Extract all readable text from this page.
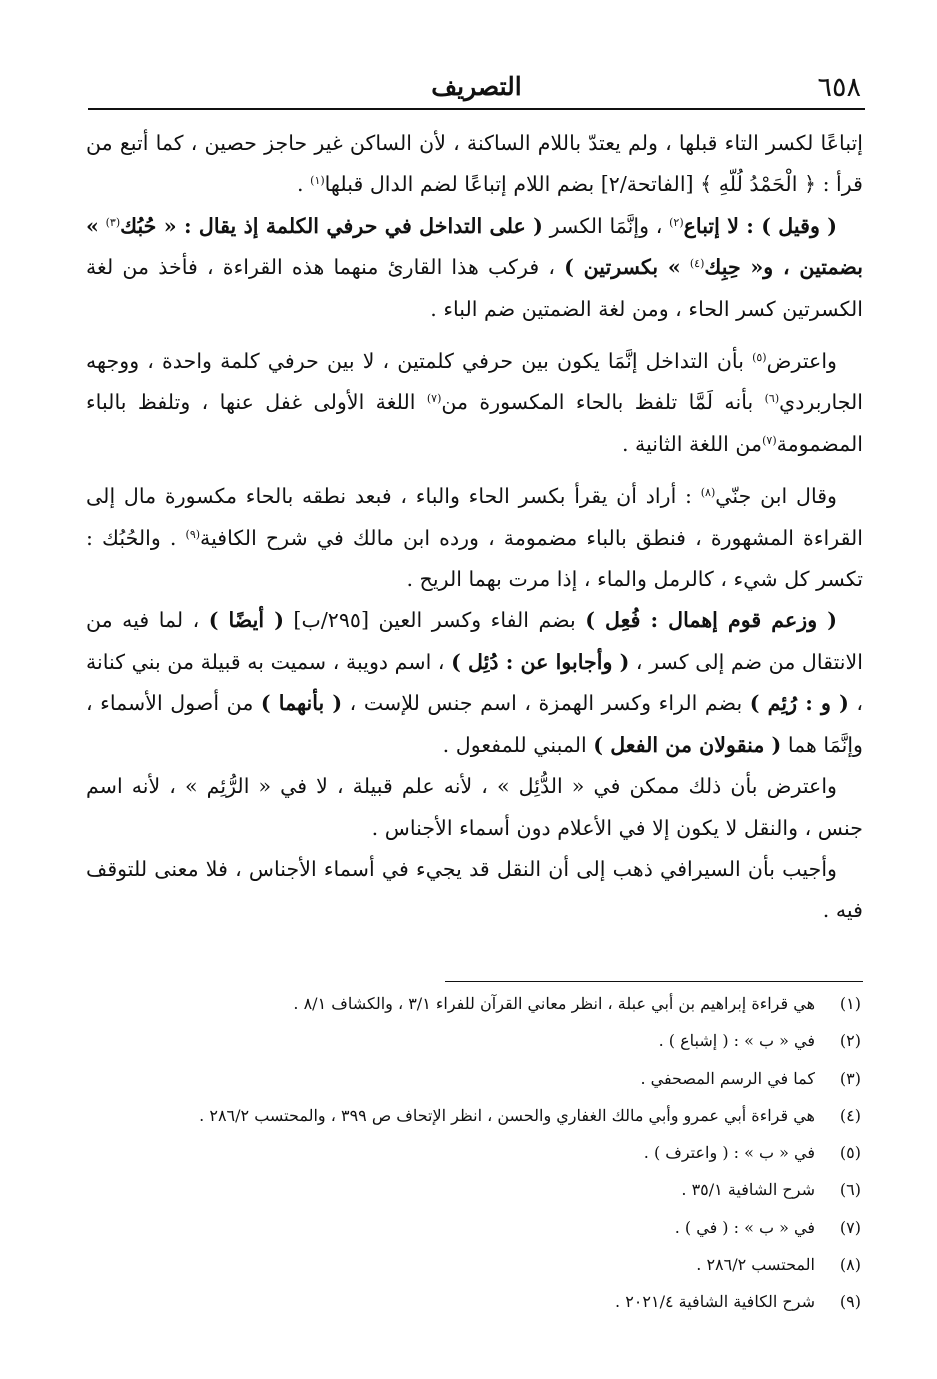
٦٥٨
التصريف

إتباعًا لكسر التاء قبلها ، ولم يعتدّ باللام الساكنة ، لأن الساكن غير حاجز حصين ، كما أتبع من قرأ : ﴿ الْحَمْدُ لُلّهِ ﴾ [الفاتحة/٢] بضم اللام إتباعًا لضم الدال قبلها$^{(١)}$ .

( وقيل ) : لا إتباع$^{(٢)}$ ، وإنَّمَا الكسر ( على التداخل في حرفي الكلمة إذ يقال : « حُبُك$^{(٣)}$ » بضمتين ، و« حِبِك$^{(٤)}$ » بكسرتين ) ، فركب هذا القارئ منهما هذه القراءة ، فأخذ من لغة الكسرتين كسر الحاء ، ومن لغة الضمتين ضم الباء .

واعترض$^{(٥)}$ بأن التداخل إنَّمَا يكون بين حرفي كلمتين ، لا بين حرفي كلمة واحدة ، ووجهه الجاربردي$^{(٦)}$ بأنه لَمَّا تلفظ بالحاء المكسورة من$^{(٧)}$ اللغة الأولى غفل عنها ، وتلفظ بالباء المضمومة$^{(٧)}$من اللغة الثانية .

وقال ابن جنّي$^{(٨)}$ : أراد أن يقرأ بكسر الحاء والباء ، فبعد نطقه بالحاء مكسورة مال إلى القراءة المشهورة ، فنطق بالباء مضمومة ، ورده ابن مالك في شرح الكافية$^{(٩)}$ . والحُبُك : تكسر كل شيء ، كالرمل والماء ، إذا مرت بهما الريح .

( وزعم قوم إهمال : فُعِل ) بضم الفاء وكسر العين [٢٩٥/ب] ( أيضًا ) ، لما فيه من الانتقال من ضم إلى كسر ، ( وأجابوا عن : دُئِل ) ، اسم دويبة ، سميت به قبيلة من بني كنانة ، ( و : رُئِم ) بضم الراء وكسر الهمزة ، اسم جنس للإست ، ( بأنهما ) من أصول الأسماء ، وإنَّمَا هما ( منقولان من الفعل ) المبني للمفعول .

واعترض بأن ذلك ممكن في « الدُّئِل » ، لأنه علم قبيلة ، لا في « الرُّئِم » ، لأنه اسم جنس ، والنقل لا يكون إلا في الأعلام دون أسماء الأجناس .

وأجيب بأن السيرافي ذهب إلى أن النقل قد يجيء في أسماء الأجناس ، فلا معنى للتوقف فيه .

(١)هي قراءة إبراهيم بن أبي عبلة ، انظر معاني القرآن للفراء ٣/١ ، والكشاف ٨/١ .
(٢)في « ب » : ( إشباع ) .
(٣)كما في الرسم المصحفي .
(٤)هي قراءة أبي عمرو وأبي مالك الغفاري والحسن ، انظر الإتحاف ص ٣٩٩ ، والمحتسب ٢٨٦/٢ .
(٥)في « ب » : ( واعترف ) .
(٦)شرح الشافية ٣٥/١ .
(٧)في « ب » : ( في ) .
(٨)المحتسب ٢٨٦/٢ .
(٩)شرح الكافية الشافية ٢٠٢١/٤ .
